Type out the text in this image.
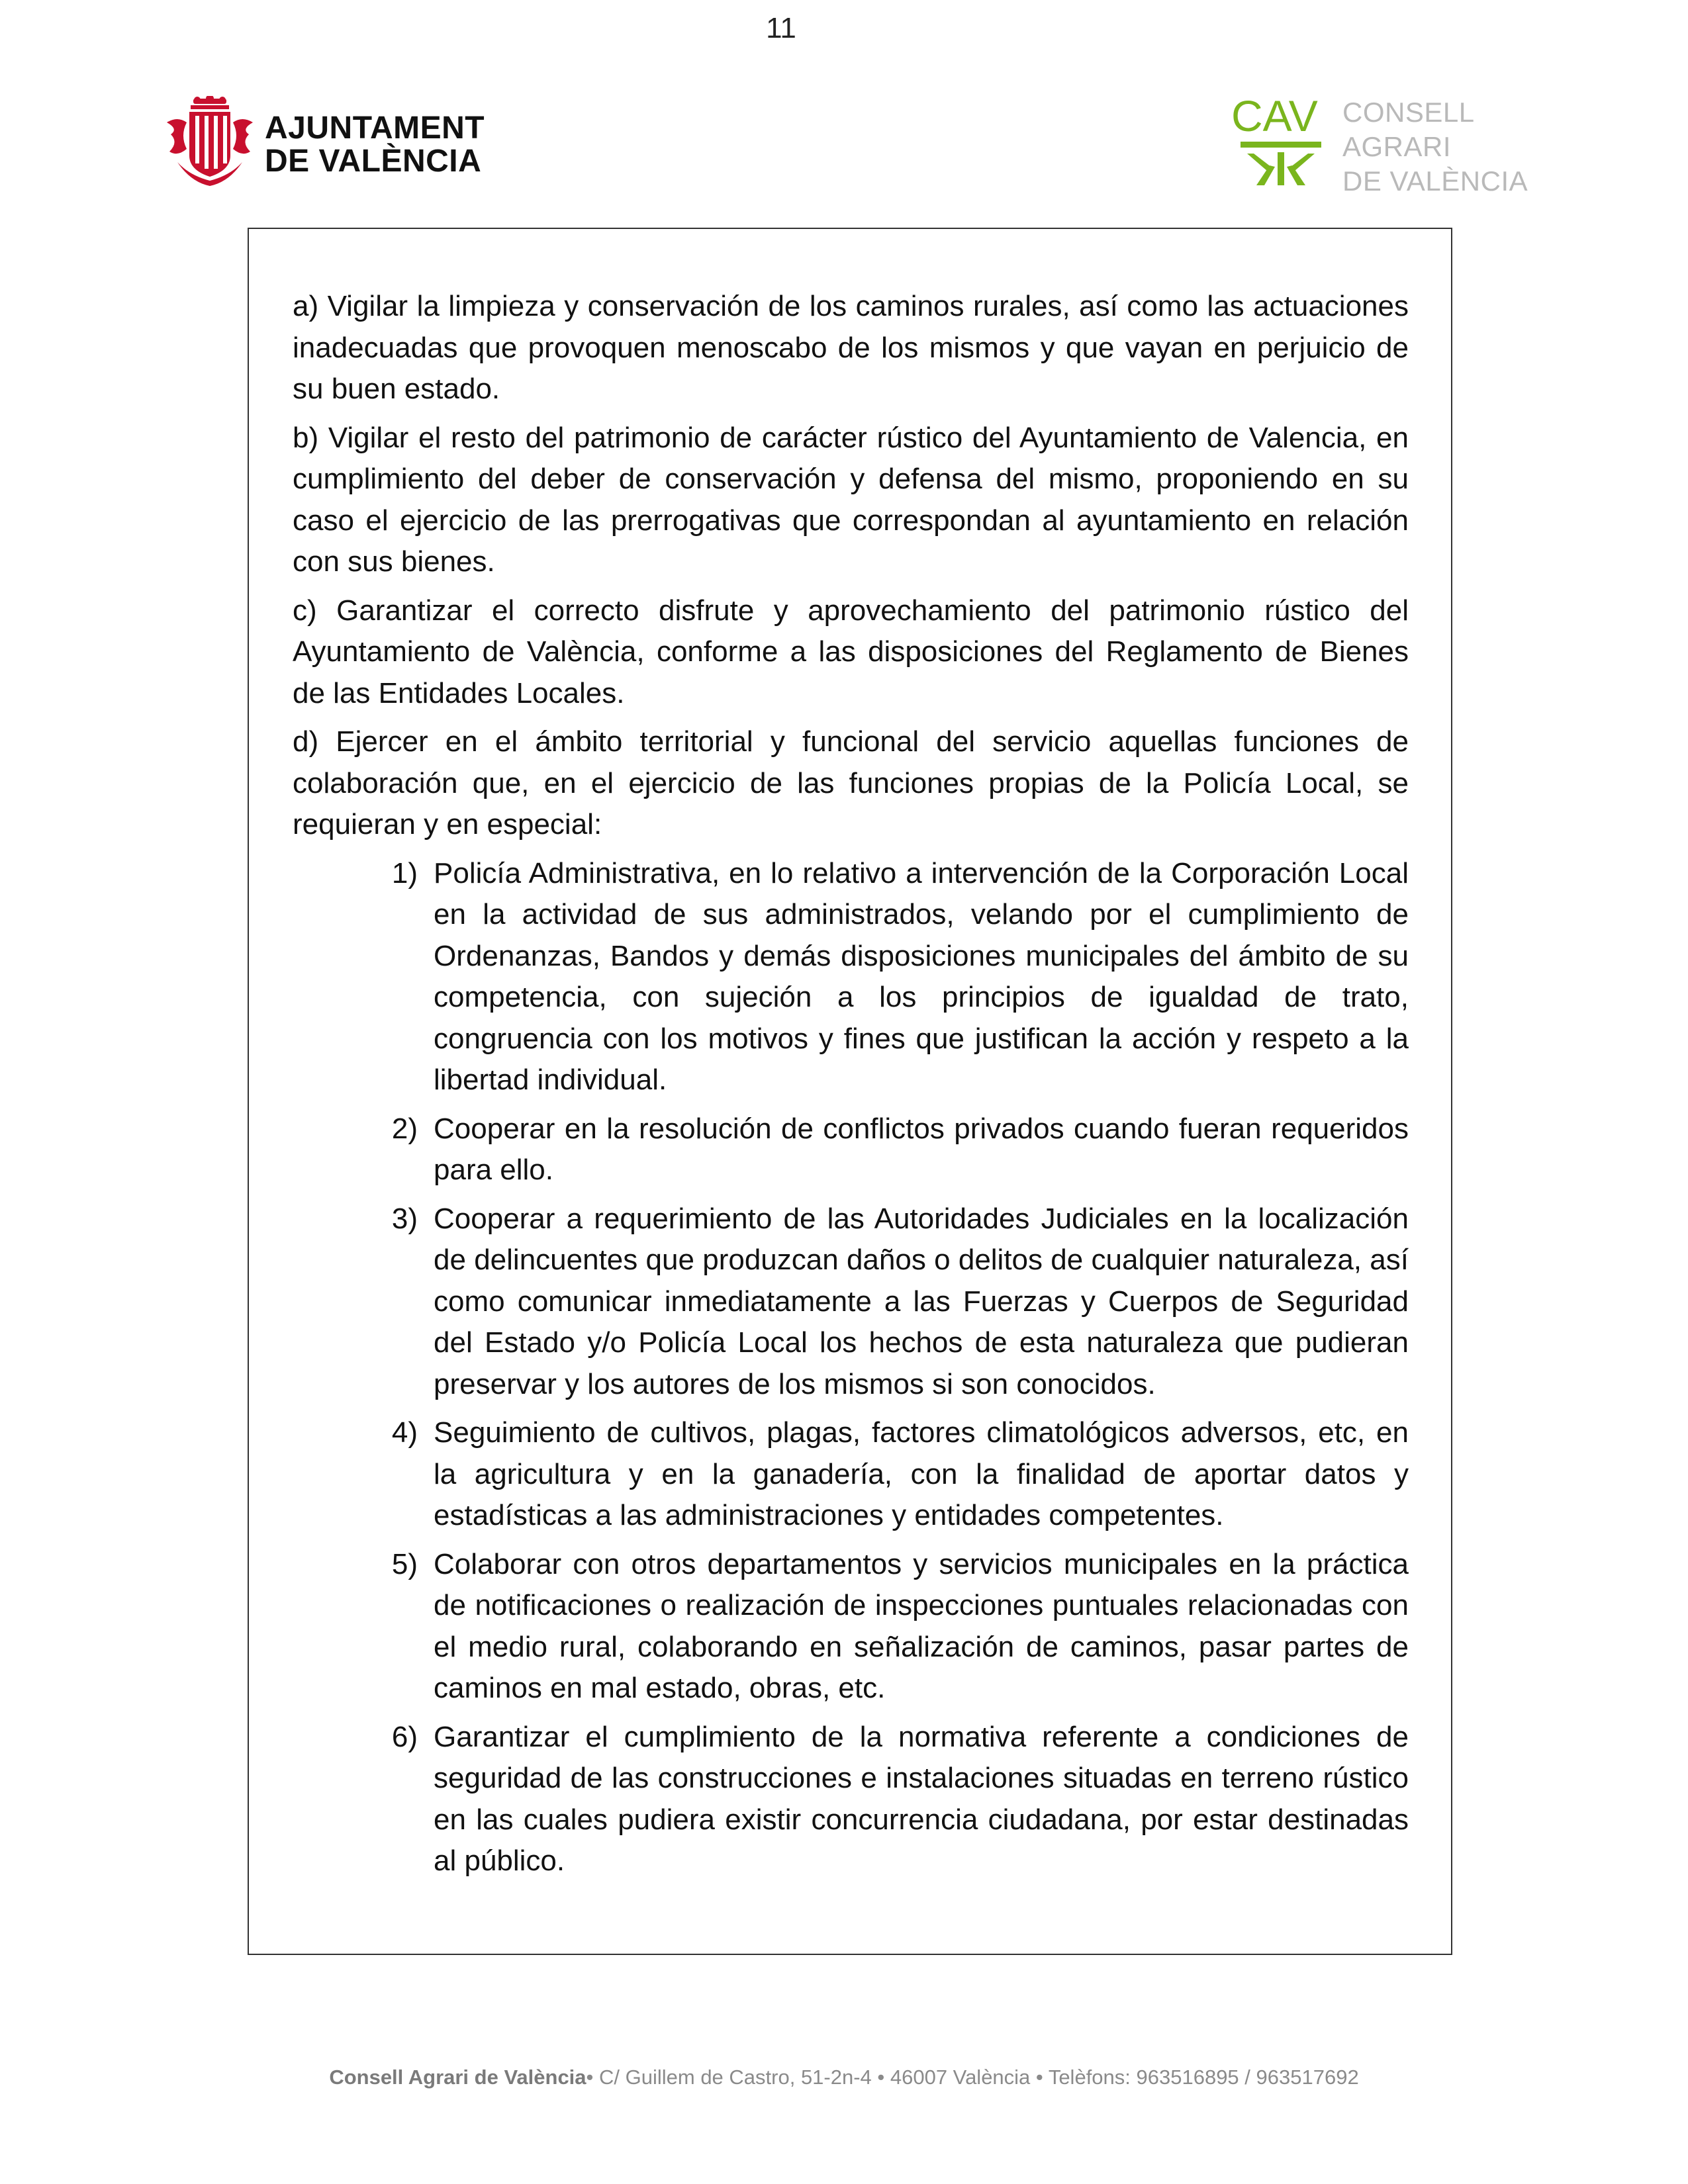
11
AJUNTAMENT
DE VALÈNCIA
CAV CONSELL
AGRARI
DE VALÈNCIA

a) Vigilar la limpieza y conservación de los caminos rurales, así como las actuaciones inadecuadas que provoquen menoscabo de los mismos y que vayan en perjuicio de su buen estado.

b) Vigilar el resto del patrimonio de carácter rústico del Ayuntamiento de Valencia, en cumplimiento del deber de conservación y defensa del mismo, proponiendo en su caso el ejercicio de las prerrogativas que correspondan al ayuntamiento en relación con sus bienes.

c) Garantizar el correcto disfrute y aprovechamiento del patrimonio rústico del Ayuntamiento de València, conforme a las disposiciones del Reglamento de Bienes de las Entidades Locales.

d) Ejercer en el ámbito territorial y funcional del servicio aquellas funciones de colaboración que, en el ejercicio de las funciones propias de la Policía Local, se requieran y en especial:

1) Policía Administrativa, en lo relativo a intervención de la Corporación Local en la actividad de sus administrados, velando por el cumplimiento de Ordenanzas, Bandos y demás disposiciones municipales del ámbito de su competencia, con sujeción a los principios de igualdad de trato, congruencia con los motivos y fines que justifican la acción y respeto a la libertad individual.
2) Cooperar en la resolución de conflictos privados cuando fueran requeridos para ello.
3) Cooperar a requerimiento de las Autoridades Judiciales en la localización de delincuentes que produzcan daños o delitos de cualquier naturaleza, así como comunicar inmediatamente a las Fuerzas y Cuerpos de Seguridad del Estado y/o Policía Local los hechos de esta naturaleza que pudieran preservar y los autores de los mismos si son conocidos.
4) Seguimiento de cultivos, plagas, factores climatológicos adversos, etc, en la agricultura y en la ganadería, con la finalidad de aportar datos y estadísticas a las administraciones y entidades competentes.
5) Colaborar con otros departamentos y servicios municipales en la práctica de notificaciones o realización de inspecciones puntuales relacionadas con el medio rural, colaborando en señalización de caminos, pasar partes de caminos en mal estado, obras, etc.
6) Garantizar el cumplimiento de la normativa referente a condiciones de seguridad de las construcciones e instalaciones situadas en terreno rústico en las cuales pudiera existir concurrencia ciudadana, por estar destinadas al público.
Consell Agrari de València• C/ Guillem de Castro, 51-2n-4 • 46007 València • Telèfons: 963516895 / 963517692
